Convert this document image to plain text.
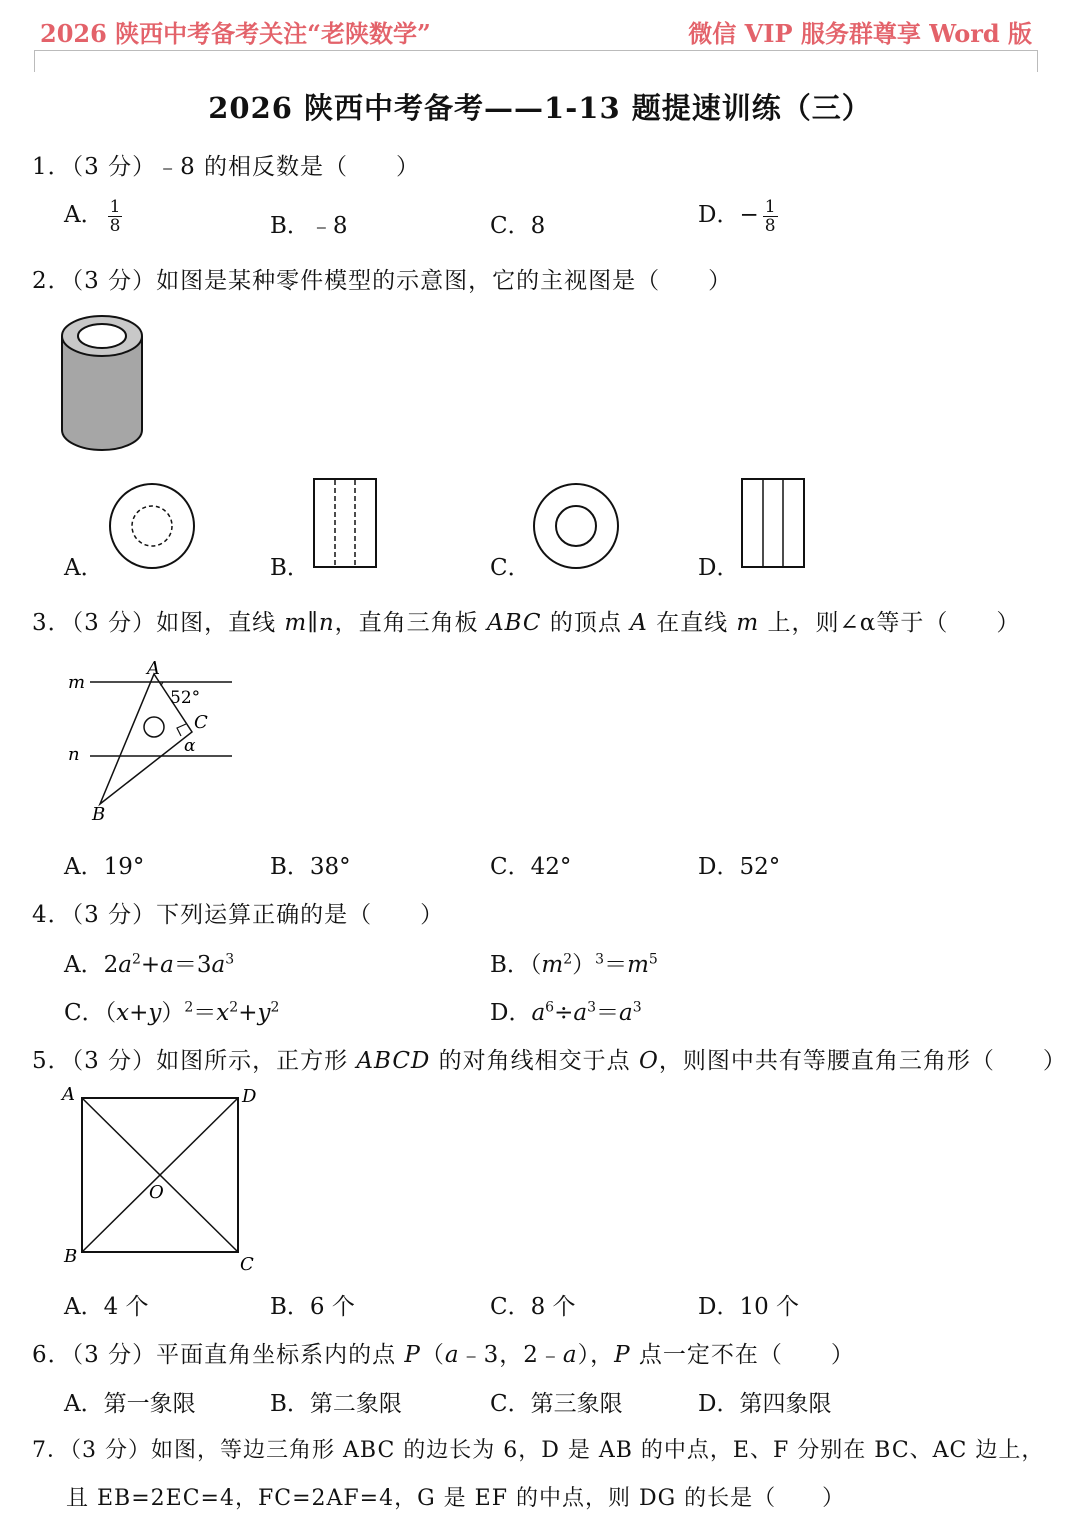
2026 陕西中考备考关注“老陕数学”	微信 VIP 服务群尊享 Word 版
2026 陕西中考备考——1-13 题提速训练（三）
1．（3 分）﹣8 的相反数是（　　）
A． $\frac{1}{8}$	B．﹣8	C．8	D．− $\frac{1}{8}$
2．（3 分）如图是某种零件模型的示意图，它的主视图是（　　）
A．	B．	C．	D．
3．（3 分）如图，直线 m∥n，直角三角板 ABC 的顶点 A 在直线 m 上，则∠α等于（　　）
m
n
A
52°
C
α
B
A．19°	B．38°	C．42°	D．52°
4．（3 分）下列运算正确的是（　　）
A．$2a^2+a=3a^3$	B．$(m^2)^3=m^5$
C．$(x+y)^2=x^2+y^2$	D．$a^6\div a^3=a^3$
5．（3 分）如图所示，正方形 ABCD 的对角线相交于点 O，则图中共有等腰直角三角形（　　）
A	D
B	C
O
A．4 个	B．6 个	C．8 个	D．10 个
6．（3 分）平面直角坐标系内的点 P（a﹣3，2﹣a），P 点一定不在（　　）
A．第一象限	B．第二象限	C．第三象限	D．第四象限
7．（3 分）如图，等边三角形 ABC 的边长为 6，D 是 AB 的中点，E、F 分别在 BC、AC 边上，
且 EB=2EC=4，FC=2AF=4，G 是 EF 的中点，则 DG 的长是（　　）
